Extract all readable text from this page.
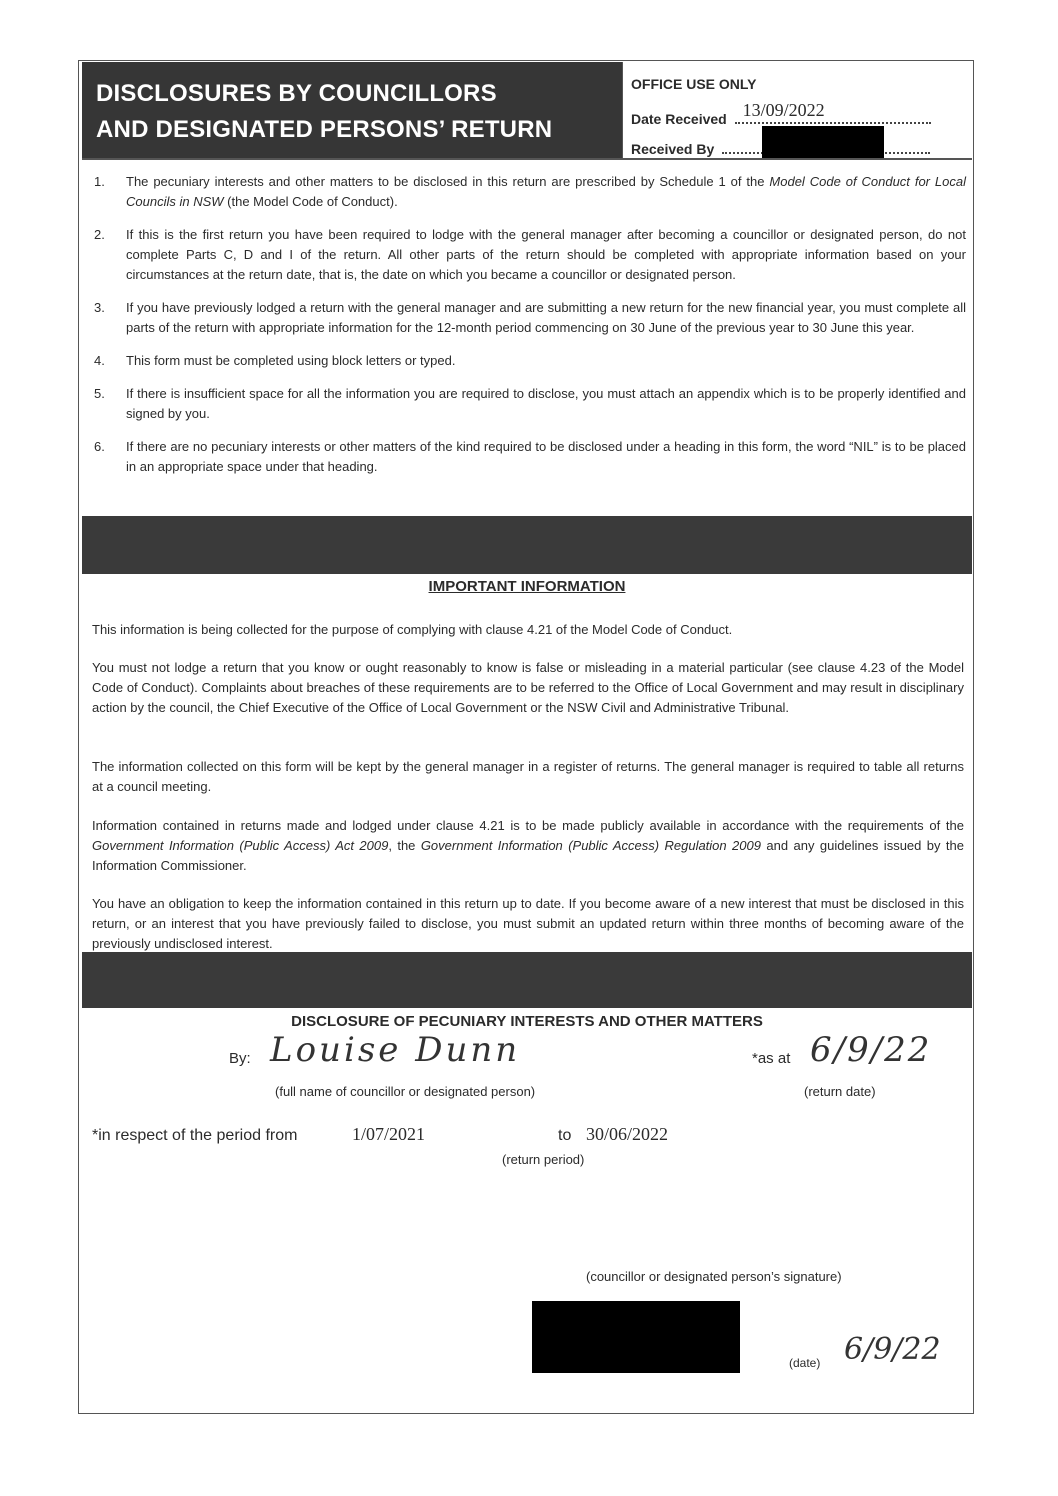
DISCLOSURES BY COUNCILLORS
AND DESIGNATED PERSONS’ RETURN
OFFICE USE ONLY
Date Received 13/09/2022
Received By
1. The pecuniary interests and other matters to be disclosed in this return are prescribed by Schedule 1 of the Model Code of Conduct for Local Councils in NSW (the Model Code of Conduct).
2. If this is the first return you have been required to lodge with the general manager after becoming a councillor or designated person, do not complete Parts C, D and I of the return. All other parts of the return should be completed with appropriate information based on your circumstances at the return date, that is, the date on which you became a councillor or designated person.
3. If you have previously lodged a return with the general manager and are submitting a new return for the new financial year, you must complete all parts of the return with appropriate information for the 12-month period commencing on 30 June of the previous year to 30 June this year.
4. This form must be completed using block letters or typed.
5. If there is insufficient space for all the information you are required to disclose, you must attach an appendix which is to be properly identified and signed by you.
6. If there are no pecuniary interests or other matters of the kind required to be disclosed under a heading in this form, the word “NIL” is to be placed in an appropriate space under that heading.
IMPORTANT INFORMATION

This information is being collected for the purpose of complying with clause 4.21 of the Model Code of Conduct.

You must not lodge a return that you know or ought reasonably to know is false or misleading in a material particular (see clause 4.23 of the Model Code of Conduct). Complaints about breaches of these requirements are to be referred to the Office of Local Government and may result in disciplinary action by the council, the Chief Executive of the Office of Local Government or the NSW Civil and Administrative Tribunal.

The information collected on this form will be kept by the general manager in a register of returns. The general manager is required to table all returns at a council meeting.

Information contained in returns made and lodged under clause 4.21 is to be made publicly available in accordance with the requirements of the Government Information (Public Access) Act 2009, the Government Information (Public Access) Regulation 2009 and any guidelines issued by the Information Commissioner.

You have an obligation to keep the information contained in this return up to date. If you become aware of a new interest that must be disclosed in this return, or an interest that you have previously failed to disclose, you must submit an updated return within three months of becoming aware of the previously undisclosed interest.

DISCLOSURE OF PECUNIARY INTERESTS AND OTHER MATTERS
By: Louise Dunn
(full name of councillor or designated person)
*as at 6/9/22
(return date)
*in respect of the period from	1/07/2021	to 30/06/2022
(return period)
(councillor or designated person’s signature)
(date) 6/9/22
